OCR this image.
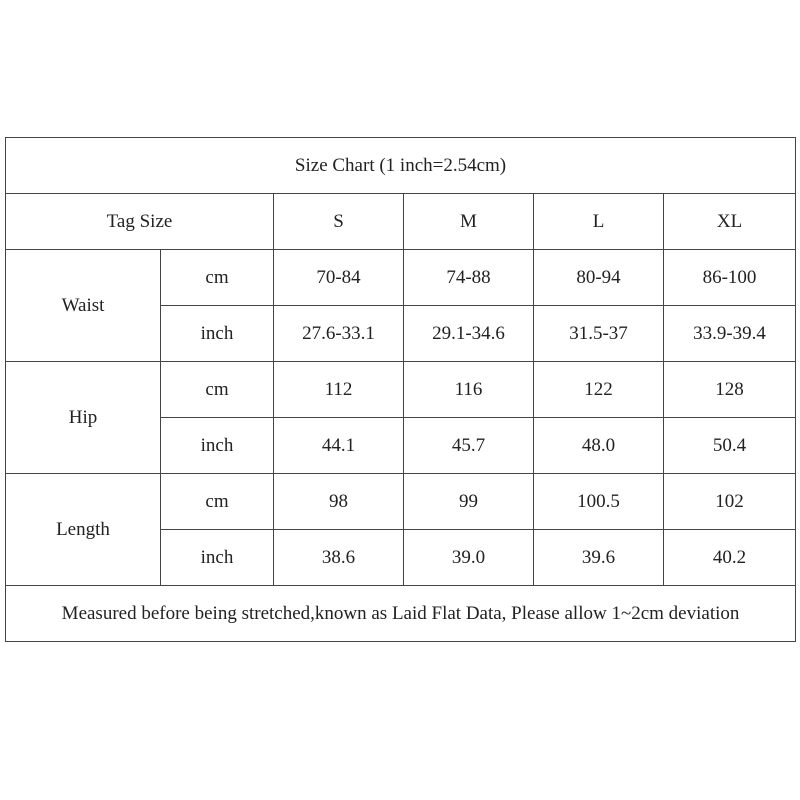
Size Chart (1 inch=2.54cm)					
Tag Size		S	M	L	XL
Waist	cm	70-84	74-88	80-94	86-100
	inch	27.6-33.1	29.1-34.6	31.5-37	33.9-39.4
Hip	cm	112	116	122	128
	inch	44.1	45.7	48.0	50.4
Length	cm	98	99	100.5	102
	inch	38.6	39.0	39.6	40.2
Measured before being stretched,known as Laid Flat Data, Please allow 1~2cm deviation					
